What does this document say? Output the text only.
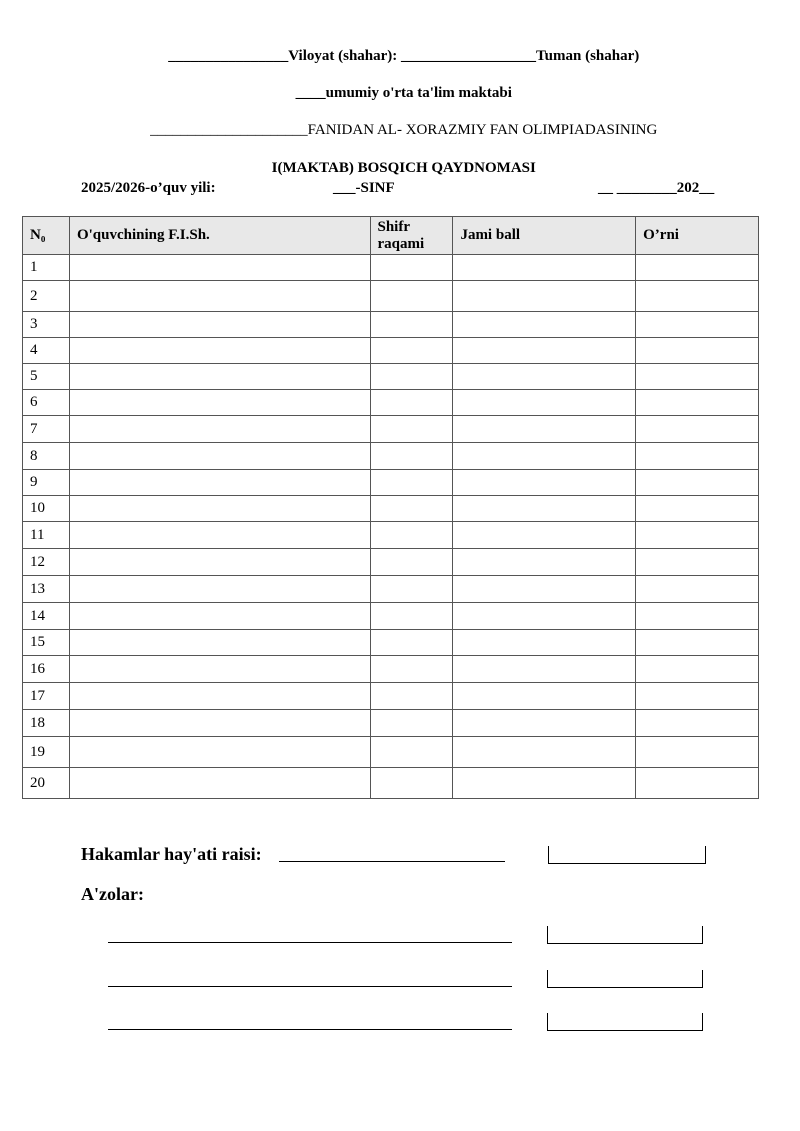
________________Viloyat (shahar): __________________Tuman (shahar)

____umumiy o'rta ta'lim maktabi

_____________________FANIDAN AL- XORAZMIY FAN OLIMPIADASINING

I(MAKTAB) BOSQICH QAYDNOMASI

2025/2026-o’quv yili:	___-SINF	__ ________202__
N₀	O'quvchining F.I.Sh.	Shifr raqami	Jami ball	O’rni
1				
2				
3				
4				
5				
6				
7				
8				
9				
10				
11				
12				
13				
14				
15				
16				
17				
18				
19				
20				
Hakamlar hay'ati raisi:
A'zolar:
